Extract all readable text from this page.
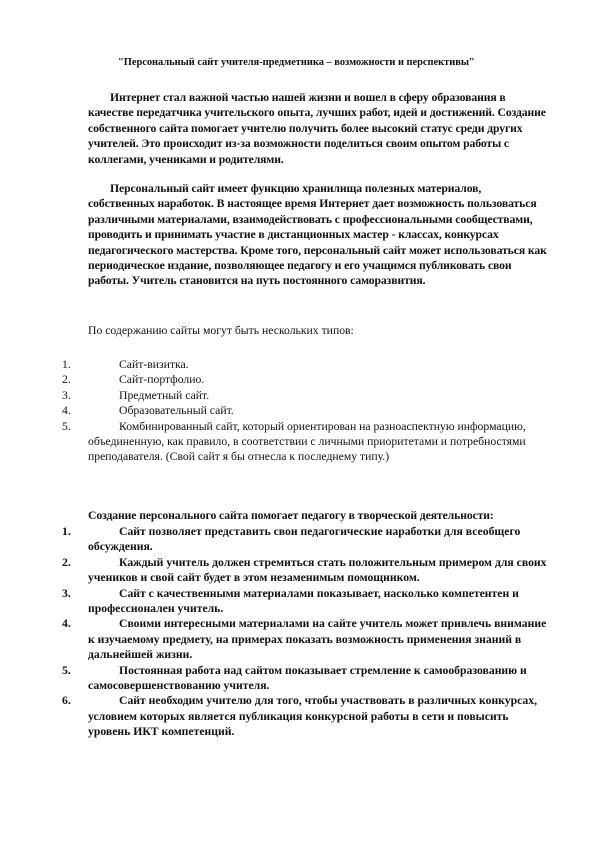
"Персональный сайт учителя-предметника – возможности и перспективы"
Интернет стал важной частью нашей жизни и вошел в сферу образования в качестве передатчика учительского опыта, лучших работ, идей и достижений. Создание собственного сайта помогает учителю получить более высокий статус среди других учителей. Это происходит из-за возможности поделиться своим опытом работы с коллегами, учениками и родителями.
Персональный сайт имеет функцию хранилища полезных материалов, собственных наработок. В настоящее время Интернет дает возможность пользоваться различными материалами, взаимодействовать с профессиональными сообществами, проводить и принимать участие в дистанционных мастер - классах, конкурсах педагогического мастерства. Кроме того, персональный сайт может использоваться как периодическое издание, позволяющее педагогу и его учащимся публиковать свои работы. Учитель становится на путь постоянного саморазвития.
По содержанию сайты могут быть нескольких типов:
1.	Сайт-визитка.
2.	Сайт-портфолио.
3.	Предметный сайт.
4.	Образовательный сайт.
5.	Комбинированный сайт, который ориентирован на разноаспектную информацию, объединенную, как правило, в соответствии с личными приоритетами и потребностями преподавателя. (Свой сайт я бы отнесла к последнему типу.)
Создание персонального сайта помогает педагогу в творческой деятельности:
1.	Сайт позволяет представить свои педагогические наработки для всеобщего обсуждения.
2.	Каждый учитель должен стремиться стать положительным примером для своих учеников и свой сайт будет в этом незаменимым помощником.
3.	Сайт с качественными материалами показывает, насколько компетентен и профессионален учитель.
4.	Своими интересными материалами на сайте учитель может привлечь внимание к изучаемому предмету, на примерах показать возможность применения знаний в дальнейшей жизни.
5.	Постоянная работа над сайтом показывает стремление к самообразованию и самосовершенствованию учителя.
6.	Сайт необходим учителю для того, чтобы участвовать в различных конкурсах, условием которых является публикация конкурсной работы в сети и повысить уровень ИКТ компетенций.
